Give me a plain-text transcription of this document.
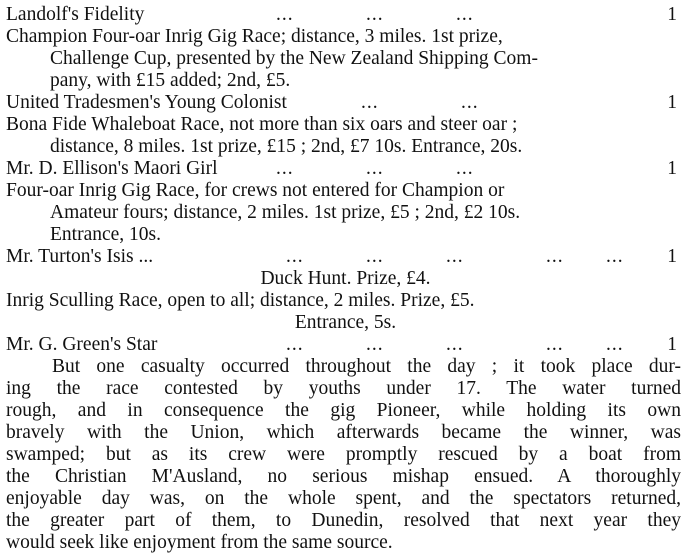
Landolf's Fidelity	...	...	...	1
Champion Four-oar Inrig Gig Race; distance, 3 miles. 1st prize,
Challenge Cup, presented by the New Zealand Shipping Com-
pany, with £15 added; 2nd, £5.
United Tradesmen's Young Colonist	...	...	1
Bona Fide Whaleboat Race, not more than six oars and steer oar ;
distance, 8 miles. 1st prize, £15 ; 2nd, £7 10s. Entrance, 20s.
Mr. D. Ellison's Maori Girl	...	...	...	1
Four-oar Inrig Gig Race, for crews not entered for Champion or
Amateur fours; distance, 2 miles. 1st prize, £5 ; 2nd, £2 10s.
Entrance, 10s.
Mr. Turton's Isis ...	...	...	...	... ... 1
Duck Hunt. Prize, £4.
Inrig Sculling Race, open to all; distance, 2 miles. Prize, £5.
Entrance, 5s.
Mr. G. Green's Star	...	...	...	... ... 1
But one casualty occurred throughout the day ; it took place dur-
ing the race contested by youths under 17. The water turned
rough, and in consequence the gig Pioneer, while holding its own
bravely with the Union, which afterwards became the winner, was
swamped; but as its crew were promptly rescued by a boat from
the Christian M'Ausland, no serious mishap ensued. A thoroughly
enjoyable day was, on the whole spent, and the spectators returned,
the greater part of them, to Dunedin, resolved that next year they
would seek like enjoyment from the same source.
